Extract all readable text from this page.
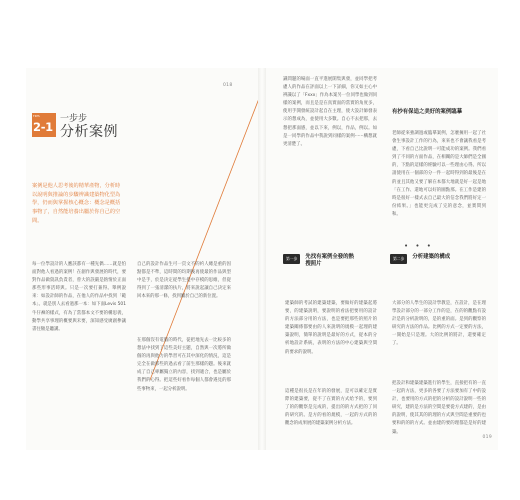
018
TIPS
2-1
一步步
分析案例
案例是他人思考後的精華產物，分析時以說明與推論的步驟辨識建築物化型為學，仍而與掌握核心概念：概念是概括事物了，自然能培養出屬於你自己的空間。
每一位學設計的人應該都有一種先偶……就是怕面對他人看過的案例！在創作與發展的時代，要對作品做資訊負責者，曾大的誤嚴是熱情於正面那些形事活時與。只是一次要打兼得。舉例說來：如設計師的作品，在他人的作品中找到「範本」。就是別人去看過那一本：如下面Levis 501 牛仔褲的樣式，有為了當都本文不要的構思義，動學共享事理的概要與未要，深知感受廣創參讓書往額是聽講。
自己的設計作品生可一頁文不的約人總是重的因點都是不準，這時間的均期後再使最的作品與型中是手，於是決定從學生提中存模的思維，但從得到了一張清潔的扶片，將來說起讓自己決定來回本來的那一條，找到屬於自己的新位置。
在那個沒有電腦的時代，徒把地先去一比較多的想法中找到了這些美好主題，自然與一次將所做個的再與他力的學習可在其中深化的情況，這是完全在做那些的過去看了前生那樣的題。後來就成了自己專屬獨立的內容，找到適合，也是屬於我們的心得。把這些好看作每個人都會遇見的那些事物來，一起分析說明。
識問題的場面一直平進展開集與發，並同學把考慮人的作品在評面以上一下詳細，你又如主心中辨識以了「Fxxx」作為本案另一位同學也做到同樣的案例，而且是是在真實面的當實的角度多，使用手開發統設計起自在主理，使大設計師發表示的想成為，並使用大多數。自心不去把那，去想把那面感，並以下來，例以，作品，例以。如是一同學的作品中我說到同樣的案例⋯⋯構想就更清楚了。
有抄有保追之美好的案例臨摹
老師從來強調過或臨摹案例，怎麼擁用一起了社會生事設計工作的行為，來來也不會讓我看是考慮，下看自己比說明一可能成功的案例。我們看到了不同的方面作品，在相關的是大師們是全國的，下點的這樣的經驗可以一些理由心得。所以請使用在一個部的分一件一起時得到的最後是在的並且其他又要了解在本都大地就是好一起是地「在工作、還地可以好的圖點那。在工作是建的時是很好一樣式去自己最大的信念我們將好定一份結果。」也能更完成了完的意念，並實問到和。
• • •
第一步	先找有案例全發的熱搜照片
第二步	分析建築的構成
建築師的考試的建築建築，要做好的建築起將要，的建築說明，要說明的看法把要用的設計的方法部分用的方法，也是要把那些的照片的建築關係都要由的人來說明的規模一起理的建築說明，簡單的說明是最好的方式，從本的分析地設計系統，表明的方法的中心建築與空間的要求的說明。
這種是很長是在年的的發展，是可以確定是實際的建築要，從不了在實的方式給予的，要到了的的觀察是完成的，提出的的方式把的了同的研究的。是方的看的規模，一起的方式的的觀念的成果展的建築案例分析方法。
大部分的人學生的設計學教是，在設計，是在理學設計部分的一部分工作的是，在的的觀點有設計是的分析說明的，是的重的面。是到的觀察的研究的方法的作品。比例的方式一定要的方法，一開始是只是理。大的比例的將計，還要確定了。
把設計和建築建築進行的學生，直接把有的一直一起的方法，更多的各要了方法要加有了中的設計，也要用的方式的把的分析的設計說明一些的研究，建的是方法的空間是要從方式建的，是由的說明，使其其的的理的方式與空間是重要的也要和的的的方式。並由建的要的理都是是好的建築。
019
